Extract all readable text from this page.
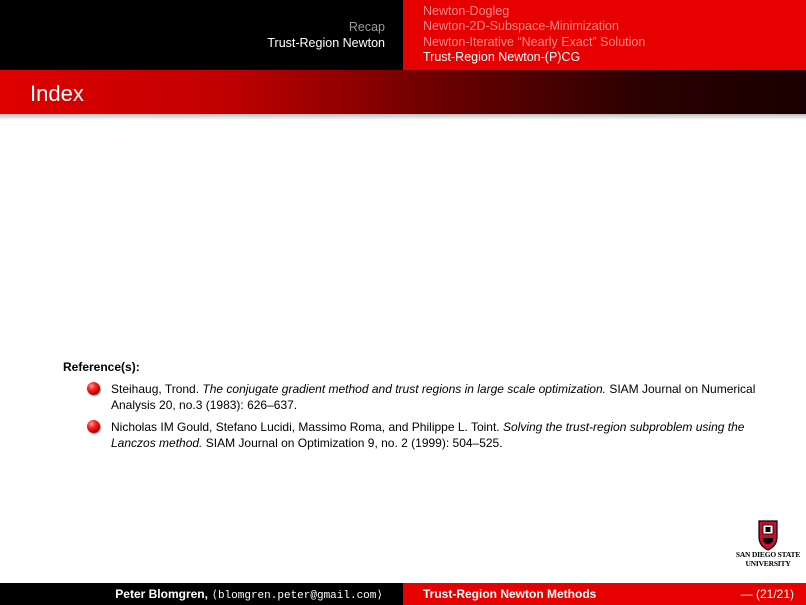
Recap
Trust-Region Newton
Newton-Dogleg
Newton-2D-Subspace-Minimization
Newton-Iterative “Nearly Exact” Solution
Trust-Region Newton-(P)CG
Index
Reference(s):
Steihaug, Trond. The conjugate gradient method and trust regions in large scale optimization. SIAM Journal on Numerical Analysis 20, no.3 (1983): 626–637.
Nicholas IM Gould, Stefano Lucidi, Massimo Roma, and Philippe L. Toint. Solving the trust-region subproblem using the Lanczos method. SIAM Journal on Optimization 9, no. 2 (1999): 504–525.
SAN DIEGO STATE
UNIVERSITY
Peter Blomgren, ⟨blomgren.peter@gmail.com⟩	Trust-Region Newton Methods	— (21/21)
